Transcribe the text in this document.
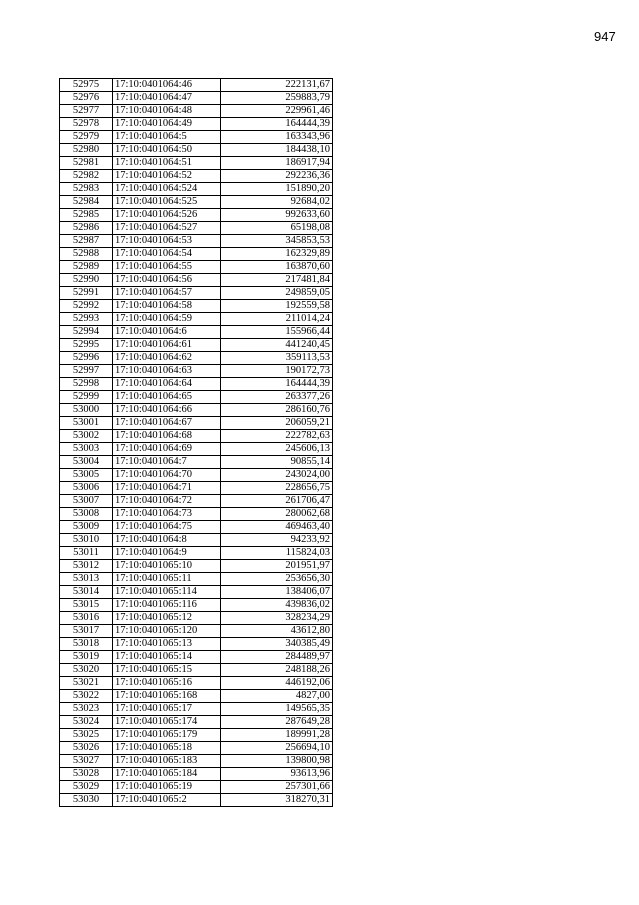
947
52975	17:10:0401064:46	222131,67
52976	17:10:0401064:47	259883,79
52977	17:10:0401064:48	229961,46
52978	17:10:0401064:49	164444,39
52979	17:10:0401064:5	163343,96
52980	17:10:0401064:50	184438,10
52981	17:10:0401064:51	186917,94
52982	17:10:0401064:52	292236,36
52983	17:10:0401064:524	151890,20
52984	17:10:0401064:525	92684,02
52985	17:10:0401064:526	992633,60
52986	17:10:0401064:527	65198,08
52987	17:10:0401064:53	345853,53
52988	17:10:0401064:54	162329,89
52989	17:10:0401064:55	163870,60
52990	17:10:0401064:56	217481,84
52991	17:10:0401064:57	249859,05
52992	17:10:0401064:58	192559,58
52993	17:10:0401064:59	211014,24
52994	17:10:0401064:6	155966,44
52995	17:10:0401064:61	441240,45
52996	17:10:0401064:62	359113,53
52997	17:10:0401064:63	190172,73
52998	17:10:0401064:64	164444,39
52999	17:10:0401064:65	263377,26
53000	17:10:0401064:66	286160,76
53001	17:10:0401064:67	206059,21
53002	17:10:0401064:68	222782,63
53003	17:10:0401064:69	245606,13
53004	17:10:0401064:7	90855,14
53005	17:10:0401064:70	243024,00
53006	17:10:0401064:71	228656,75
53007	17:10:0401064:72	261706,47
53008	17:10:0401064:73	280062,68
53009	17:10:0401064:75	469463,40
53010	17:10:0401064:8	94233,92
53011	17:10:0401064:9	115824,03
53012	17:10:0401065:10	201951,97
53013	17:10:0401065:11	253656,30
53014	17:10:0401065:114	138406,07
53015	17:10:0401065:116	439836,02
53016	17:10:0401065:12	328234,29
53017	17:10:0401065:120	43612,80
53018	17:10:0401065:13	340385,49
53019	17:10:0401065:14	284489,97
53020	17:10:0401065:15	248188,26
53021	17:10:0401065:16	446192,06
53022	17:10:0401065:168	4827,00
53023	17:10:0401065:17	149565,35
53024	17:10:0401065:174	287649,28
53025	17:10:0401065:179	189991,28
53026	17:10:0401065:18	256694,10
53027	17:10:0401065:183	139800,98
53028	17:10:0401065:184	93613,96
53029	17:10:0401065:19	257301,66
53030	17:10:0401065:2	318270,31
